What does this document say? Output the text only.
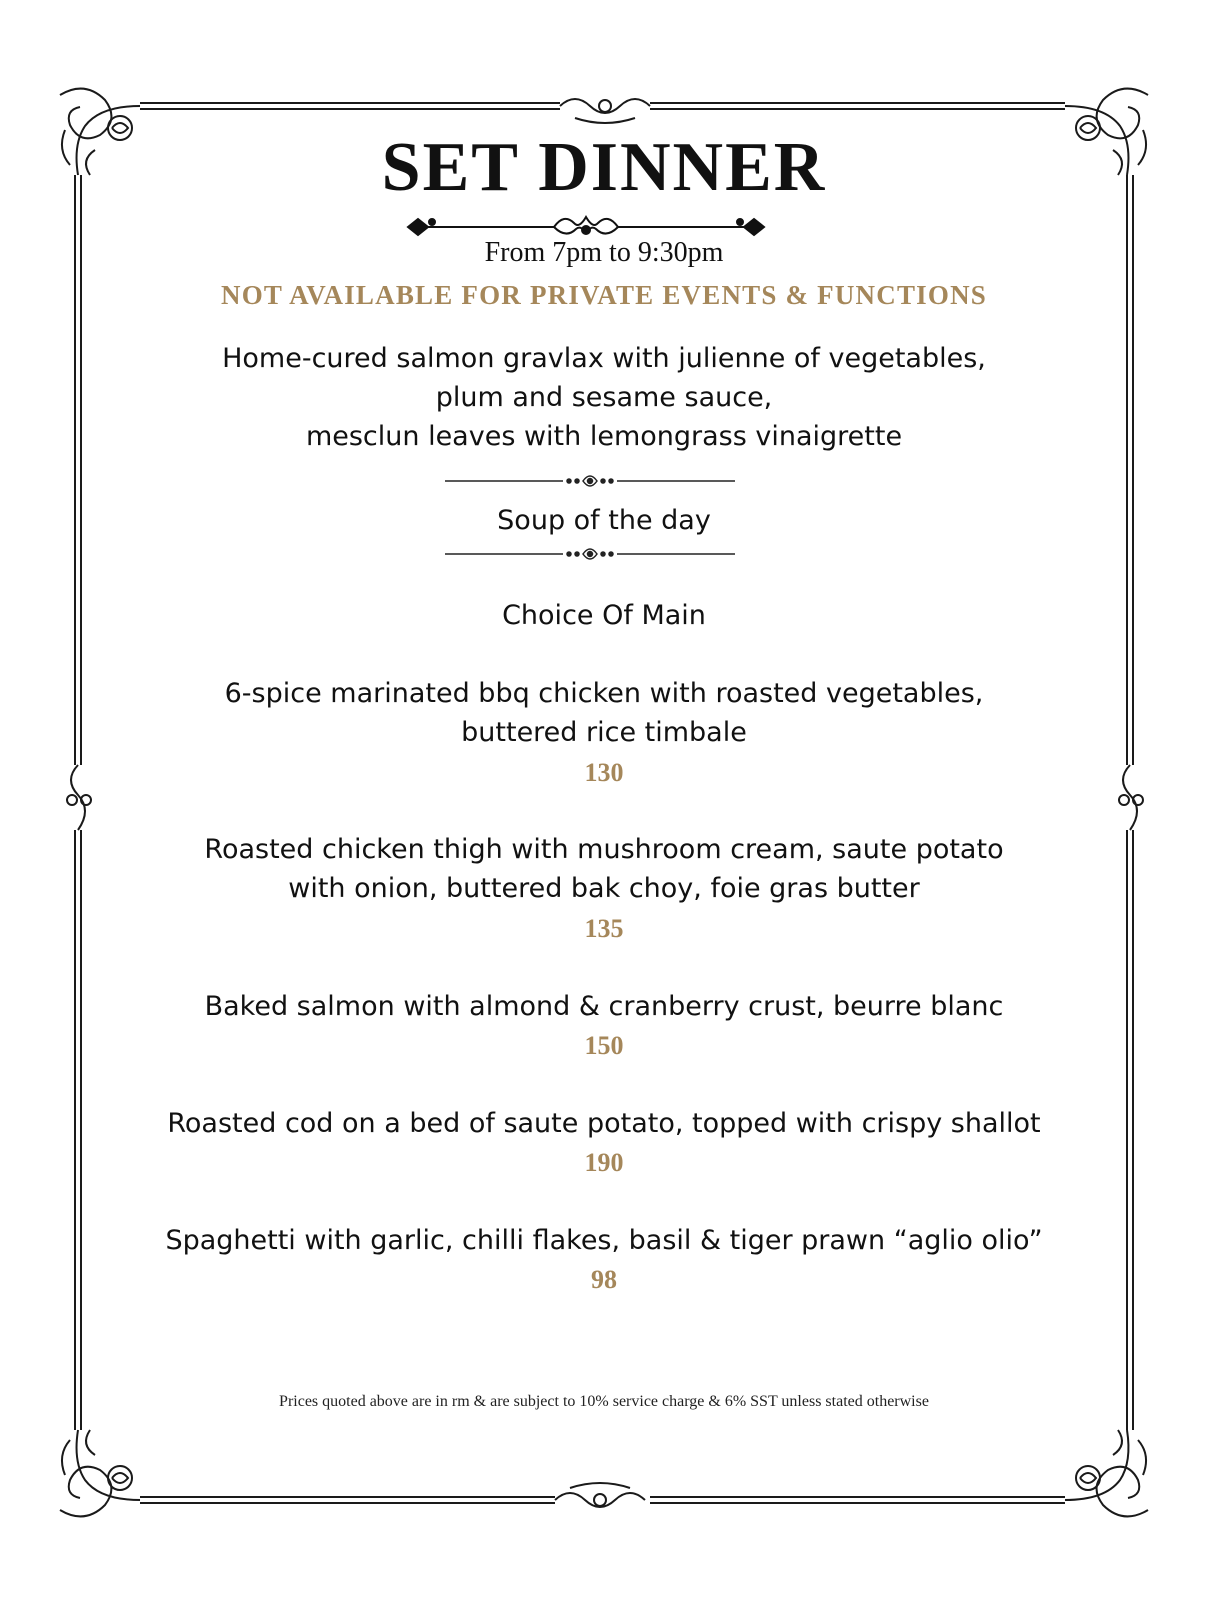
SET DINNER
From 7pm to 9:30pm
NOT AVAILABLE FOR PRIVATE EVENTS & FUNCTIONS
Home-cured salmon gravlax with julienne of vegetables,
plum and sesame sauce,
mesclun leaves with lemongrass vinaigrette
Soup of the day
Choice Of Main
6-spice marinated bbq chicken with roasted vegetables,
buttered rice timbale
130
Roasted chicken thigh with mushroom cream, saute potato
with onion, buttered bak choy, foie gras butter
135
Baked salmon with almond & cranberry crust, beurre blanc
150
Roasted cod on a bed of saute potato, topped with crispy shallot
190
Spaghetti with garlic, chilli flakes, basil & tiger prawn “aglio olio”
98
Prices quoted above are in rm & are subject to 10% service charge & 6% SST unless stated otherwise
